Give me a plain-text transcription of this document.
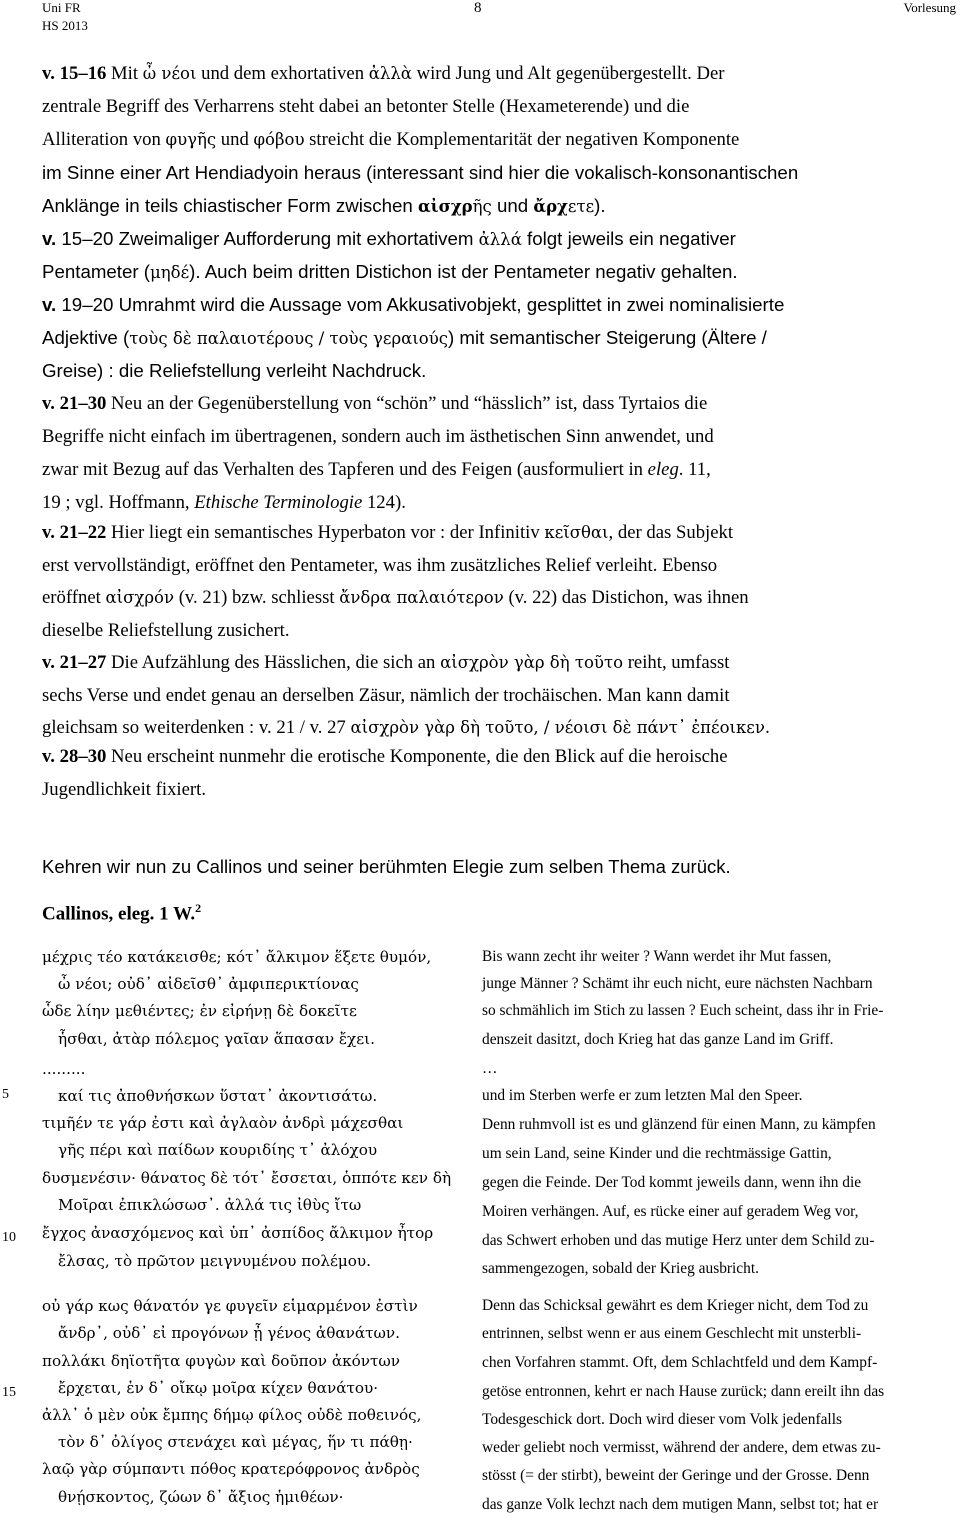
Uni FR
HS 2013
8	Vorlesung
v. 15–16 Mit ὦ νέοι und dem exhortativen ἀλλὰ wird Jung und Alt gegenübergestellt. Der
zentrale Begriff des Verharrens steht dabei an betonter Stelle (Hexameterende) und die
Alliteration von φυγῆς und φόβου streicht die Komplementarität der negativen Komponente
im Sinne einer Art Hendiadyoin heraus (interessant sind hier die vokalisch-konsonantischen
Anklänge in teils chiastischer Form zwischen αἰσχρῆς und ἄρχετε).
v. 15–20 Zweimaliger Aufforderung mit exhortativem ἀλλά folgt jeweils ein negativer
Pentameter (μηδέ). Auch beim dritten Distichon ist der Pentameter negativ gehalten.
v. 19–20 Umrahmt wird die Aussage vom Akkusativobjekt, gesplittet in zwei nominalisierte
Adjektive (τοὺς δὲ παλαιοτέρους / τοὺς γεραιούς) mit semantischer Steigerung (Ältere /
Greise) : die Reliefstellung verleiht Nachdruck.
v. 21–30 Neu an der Gegenüberstellung von “schön” und “hässlich” ist, dass Tyrtaios die
Begriffe nicht einfach im übertragenen, sondern auch im ästhetischen Sinn anwendet, und
zwar mit Bezug auf das Verhalten des Tapferen und des Feigen (ausformuliert in eleg. 11,
19 ; vgl. Hoffmann, Ethische Terminologie 124).
v. 21–22 Hier liegt ein semantisches Hyperbaton vor : der Infinitiv κεῖσθαι, der das Subjekt
erst vervollständigt, eröffnet den Pentameter, was ihm zusätzliches Relief verleiht. Ebenso
eröffnet αἰσχρόν (v. 21) bzw. schliesst ἄνδρα παλαιότερον (v. 22) das Distichon, was ihnen
dieselbe Reliefstellung zusichert.
v. 21–27 Die Aufzählung des Hässlichen, die sich an αἰσχρὸν γὰρ δὴ τοῦτο reiht, umfasst
sechs Verse und endet genau an derselben Zäsur, nämlich der trochäischen. Man kann damit
gleichsam so weiterdenken : v. 21 / v. 27 αἰσχρὸν γὰρ δὴ τοῦτο, / νέοισι δὲ πάντ᾽ ἐπέοικεν.
v. 28–30 Neu erscheint nunmehr die erotische Komponente, die den Blick auf die heroische
Jugendlichkeit fixiert.
Kehren wir nun zu Callinos und seiner berühmten Elegie zum selben Thema zurück.
Callinos, eleg. 1 W.$^2$
5
10
15
μέχρις τέο κατάκεισθε; κότ᾽ ἄλκιμον ἕξετε θυμόν,
ὦ νέοι; οὐδ᾽ αἰδεῖσθ᾽ ἀμφιπερικτίονας
ὧδε λίην μεθιέντες; ἐν εἰρήνῃ δὲ δοκεῖτε
ἧσθαι, ἀτὰρ πόλεμος γαῖαν ἅπασαν ἔχει.
.........
καί τις ἀποθνήσκων ὕστατ᾽ ἀκοντισάτω.
τιμῆέν τε γάρ ἐστι καὶ ἀγλαὸν ἀνδρὶ μάχεσθαι
γῆς πέρι καὶ παίδων κουριδίης τ᾽ ἀλόχου
δυσμενέσιν· θάνατος δὲ τότ᾽ ἔσσεται, ὁππότε κεν δὴ
Μοῖραι ἐπικλώσωσ᾽. ἀλλά τις ἰθὺς ἴτω
ἔγχος ἀνασχόμενος καὶ ὑπ᾽ ἀσπίδος ἄλκιμον ἦτορ
ἔλσας, τὸ πρῶτον μειγνυμένου πολέμου.
οὐ γάρ κως θάνατόν γε φυγεῖν εἱμαρμένον ἐστὶν
ἄνδρ᾽, οὐδ᾽ εἰ προγόνων ᾖ γένος ἀθανάτων.
πολλάκι δηϊοτῆτα φυγὼν καὶ δοῦπον ἀκόντων
ἔρχεται, ἐν δ᾽ οἴκῳ μοῖρα κίχεν θανάτου·
ἀλλ᾽ ὁ μὲν οὐκ ἔμπης δήμῳ φίλος οὐδὲ ποθεινός,
τὸν δ᾽ ὀλίγος στενάχει καὶ μέγας, ἥν τι πάθῃ·
λαῷ γὰρ σύμπαντι πόθος κρατερόφρονος ἀνδρὸς
θνῄσκοντος, ζώων δ᾽ ἄξιος ἡμιθέων·
Bis wann zecht ihr weiter ? Wann werdet ihr Mut fassen,
junge Männer ? Schämt ihr euch nicht, eure nächsten Nachbarn
so schmählich im Stich zu lassen ? Euch scheint, dass ihr in Frie-
denszeit dasitzt, doch Krieg hat das ganze Land im Griff.
…
und im Sterben werfe er zum letzten Mal den Speer.
Denn ruhmvoll ist es und glänzend für einen Mann, zu kämpfen
um sein Land, seine Kinder und die rechtmässige Gattin,
gegen die Feinde. Der Tod kommt jeweils dann, wenn ihn die
Moiren verhängen. Auf, es rücke einer auf geradem Weg vor,
das Schwert erhoben und das mutige Herz unter dem Schild zu-
sammengezogen, sobald der Krieg ausbricht.
Denn das Schicksal gewährt es dem Krieger nicht, dem Tod zu
entrinnen, selbst wenn er aus einem Geschlecht mit unsterbli-
chen Vorfahren stammt. Oft, dem Schlachtfeld und dem Kampf-
getöse entronnen, kehrt er nach Hause zurück; dann ereilt ihn das
Todesgeschick dort. Doch wird dieser vom Volk jedenfalls
weder geliebt noch vermisst, während der andere, dem etwas zu-
stösst (= der stirbt), beweint der Geringe und der Grosse. Denn
das ganze Volk lechzt nach dem mutigen Mann, selbst tot; hat er
